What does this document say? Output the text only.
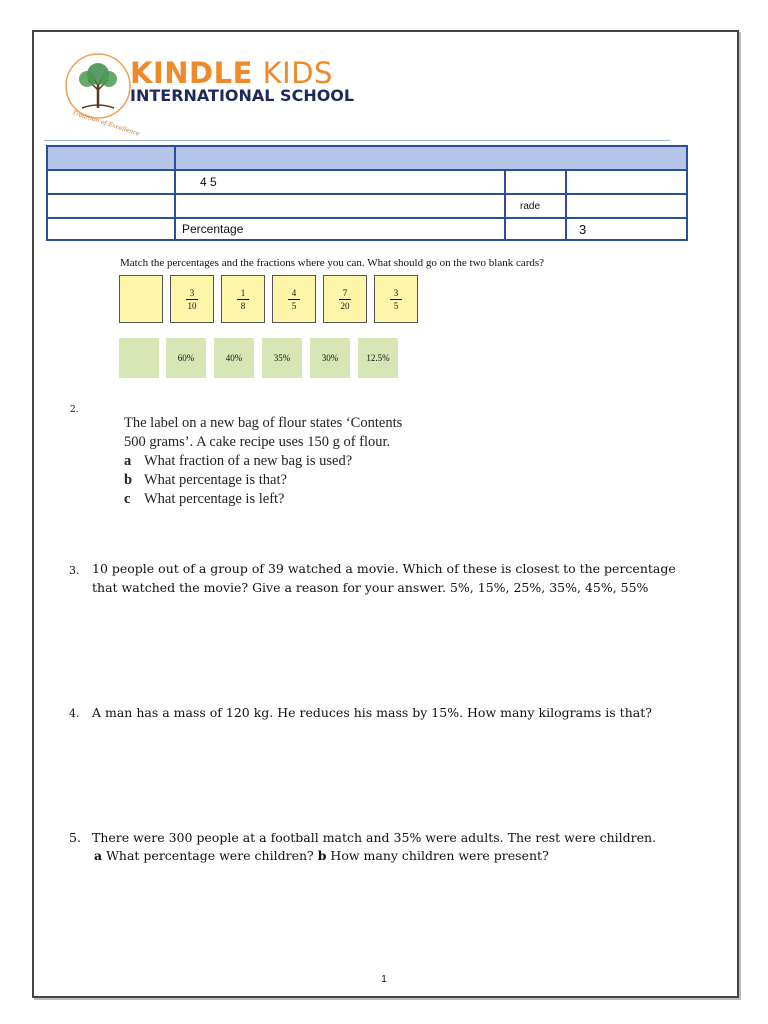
Tradition of Excellence
KINDLE KIDS
INTERNATIONAL SCHOOL

	4 5		
		rade	
	Percentage		3
Match the percentages and the fractions where you can. What should go on the two blank cards?
$\frac{3}{10}$	$\frac{1}{8}$	$\frac{4}{5}$	$\frac{7}{20}$	$\frac{3}{5}$
60%	40%	35%	30%	12.5%
2.
The label on a new bag of flour states ‘Contents
500 grams’. A cake recipe uses 150 g of flour.
a What fraction of a new bag is used?
b What percentage is that?
c What percentage is left?
3. 10 people out of a group of 39 watched a movie. Which of these is closest to the percentage
that watched the movie? Give a reason for your answer. 5%, 15%, 25%, 35%, 45%, 55%
4. A man has a mass of 120 kg. He reduces his mass by 15%. How many kilograms is that?
5. There were 300 people at a football match and 35% were adults. The rest were children.
a What percentage were children? b How many children were present?
1
